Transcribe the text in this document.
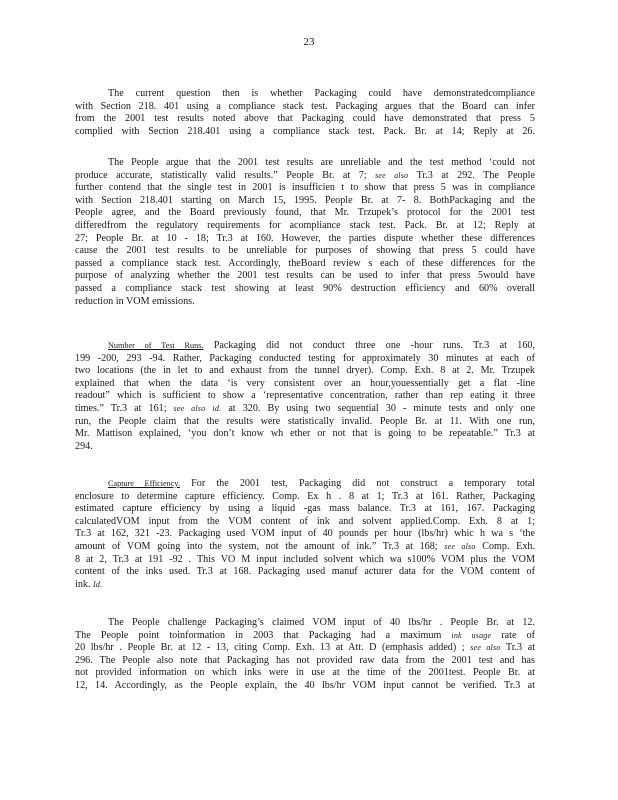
23
The current question then is whether Packaging could have demonstratedcompliance
with Section 218. 401 using a compliance stack test. Packaging argues that the Board can infer
from the 2001 test results noted above that Packaging could have demonstrated that press 5
complied with Section 218.401 using a compliance stack test. Pack. Br. at 14; Reply at 26.
The People argue that the 2001 test results are unreliable and the test method ‘could not
produce accurate, statistically valid results.” People Br. at 7; see also Tr.3 at 292. The People
further contend that the single test in 2001 is insufficien t to show that press 5 was in compliance
with Section 218.401 starting on March 15, 1995. People Br. at 7- 8. BothPackaging and the
People agree, and the Board previously found, that Mr. Trzupek’s protocol for the 2001 test
differedfrom the regulatory requirements for acompliance stack test. Pack. Br. at 12; Reply at
27; People Br. at 10 - 18; Tr.3 at 160. However, the parties dispute whether these differences
cause the 2001 test results to be unreliable for purposes of showing that press 5 could have
passed a compliance stack test. Accordingly, theBoard review s each of these differences for the
purpose of analyzing whether the 2001 test results can be used to infer that press 5would have
passed a compliance stack test showing at least 90% destruction efficiency and 60% overall
reduction in VOM emissions.
Number of Test Runs. Packaging did not conduct three one -hour runs. Tr.3 at 160,
199 -200, 293 -94. Rather, Packaging conducted testing for approximately 30 minutes at each of
two locations (the in let to and exhaust from the tunnel dryer). Comp. Exh. 8 at 2. Mr. Trzupek
explained that when the data ‘is very consistent over an hour,youessentially get a flat -line
readout” which is sufficient to show a ‘representative concentration, rather than rep eating it three
times.” Tr.3 at 161; see also id. at 320. By using two sequential 30 - minute tests and only one
run, the People claim that the results were statistically invalid. People Br. at 11. With one run,
Mr. Mattison explained, ‘you don’t know wh ether or not that is going to be repeatable.” Tr.3 at
294.
Capture Efficiency. For the 2001 test, Packaging did not construct a temporary total
enclosure to determine capture efficiency. Comp. Ex h . 8 at 1; Tr.3 at 161. Rather, Packaging
estimated capture efficiency by using a liquid -gas mass balance. Tr.3 at 161, 167. Packaging
calculatedVOM input from the VOM content of ink and solvent applied.Comp. Exh. 8 at 1;
Tr.3 at 162, 321 -23. Packaging used VOM input of 40 pounds per hour (lbs/hr) whic h wa s ‘the
amount of VOM going into the system, not the amount of ink.” Tr.3 at 168; see also Comp. Exh.
8 at 2, Tr.3 at 191 -92 . This VO M input included solvent which wa s100% VOM plus the VOM
content of the inks used. Tr.3 at 168. Packaging used manuf acturer data for the VOM content of
ink. Id.
The People challenge Packaging’s claimed VOM input of 40 lbs/hr . People Br. at 12.
The People point toinformation in 2003 that Packaging had a maximum ink usage rate of
20 lbs/hr . People Br. at 12 - 13, citing Comp. Exh. 13 at Att. D (emphasis added) ; see also Tr.3 at
296. The People also note that Packaging has not provided raw data from the 2001 test and has
not provided information on which inks were in use at the time of the 2001test. People Br. at
12, 14. Accordingly, as the People explain, the 40 lbs/hr VOM input cannot be verified. Tr.3 at
